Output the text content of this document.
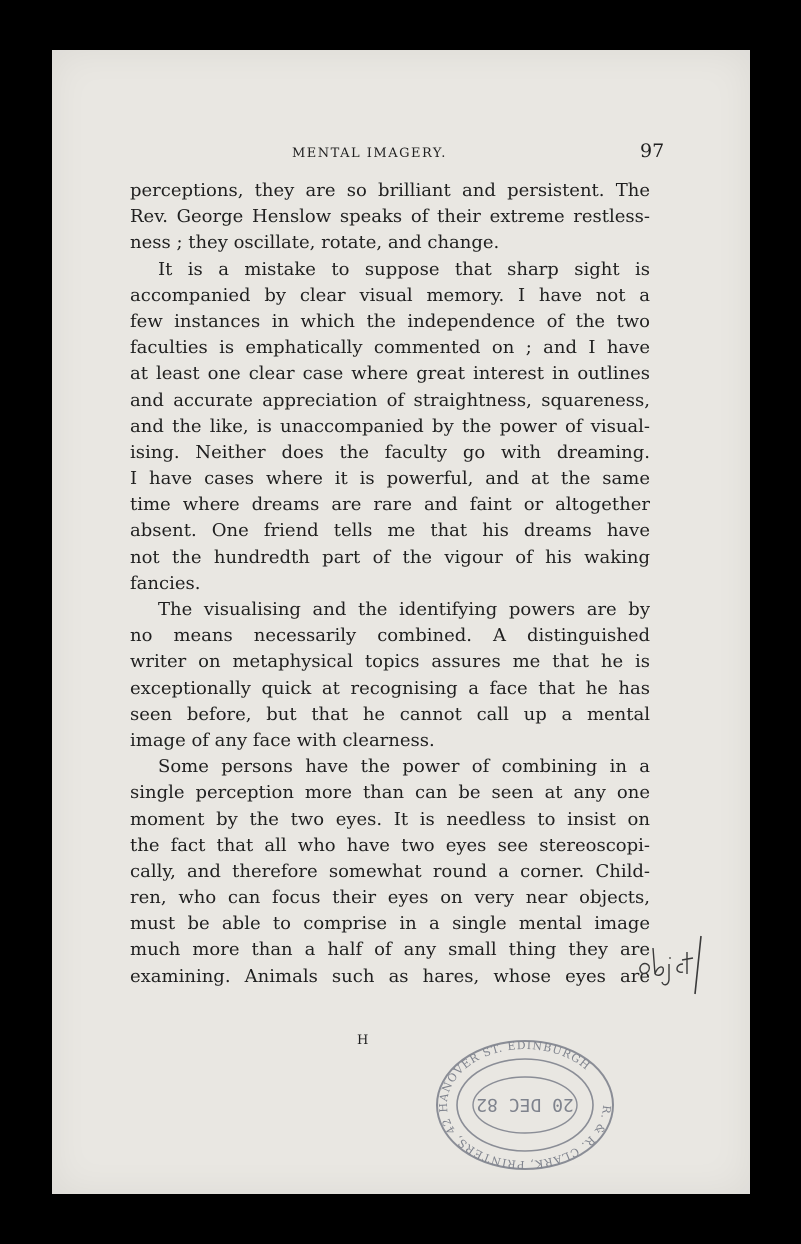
MENTAL IMAGERY.	97
perceptions, they are so brilliant and persistent. The
Rev. George Henslow speaks of their extreme restless-
ness ; they oscillate, rotate, and change.
It is a mistake to suppose that sharp sight is
accompanied by clear visual memory. I have not a
few instances in which the independence of the two
faculties is emphatically commented on ; and I have
at least one clear case where great interest in outlines
and accurate appreciation of straightness, squareness,
and the like, is unaccompanied by the power of visual-
ising. Neither does the faculty go with dreaming.
I have cases where it is powerful, and at the same
time where dreams are rare and faint or altogether
absent. One friend tells me that his dreams have
not the hundredth part of the vigour of his waking
fancies.
The visualising and the identifying powers are by
no means necessarily combined. A distinguished
writer on metaphysical topics assures me that he is
exceptionally quick at recognising a face that he has
seen before, but that he cannot call up a mental
image of any face with clearness.
Some persons have the power of combining in a
single perception more than can be seen at any one
moment by the two eyes. It is needless to insist on
the fact that all who have two eyes see stereoscopi-
cally, and therefore somewhat round a corner. Child-
ren, who can focus their eyes on very near objects,
must be able to comprise in a single mental image
much more than a half of any small thing they are
examining. Animals such as hares, whose eyes are
H
R. & R. CLARK, PRINTERS, 42 HANOVER ST. EDINBURGH
20 DEC 82
